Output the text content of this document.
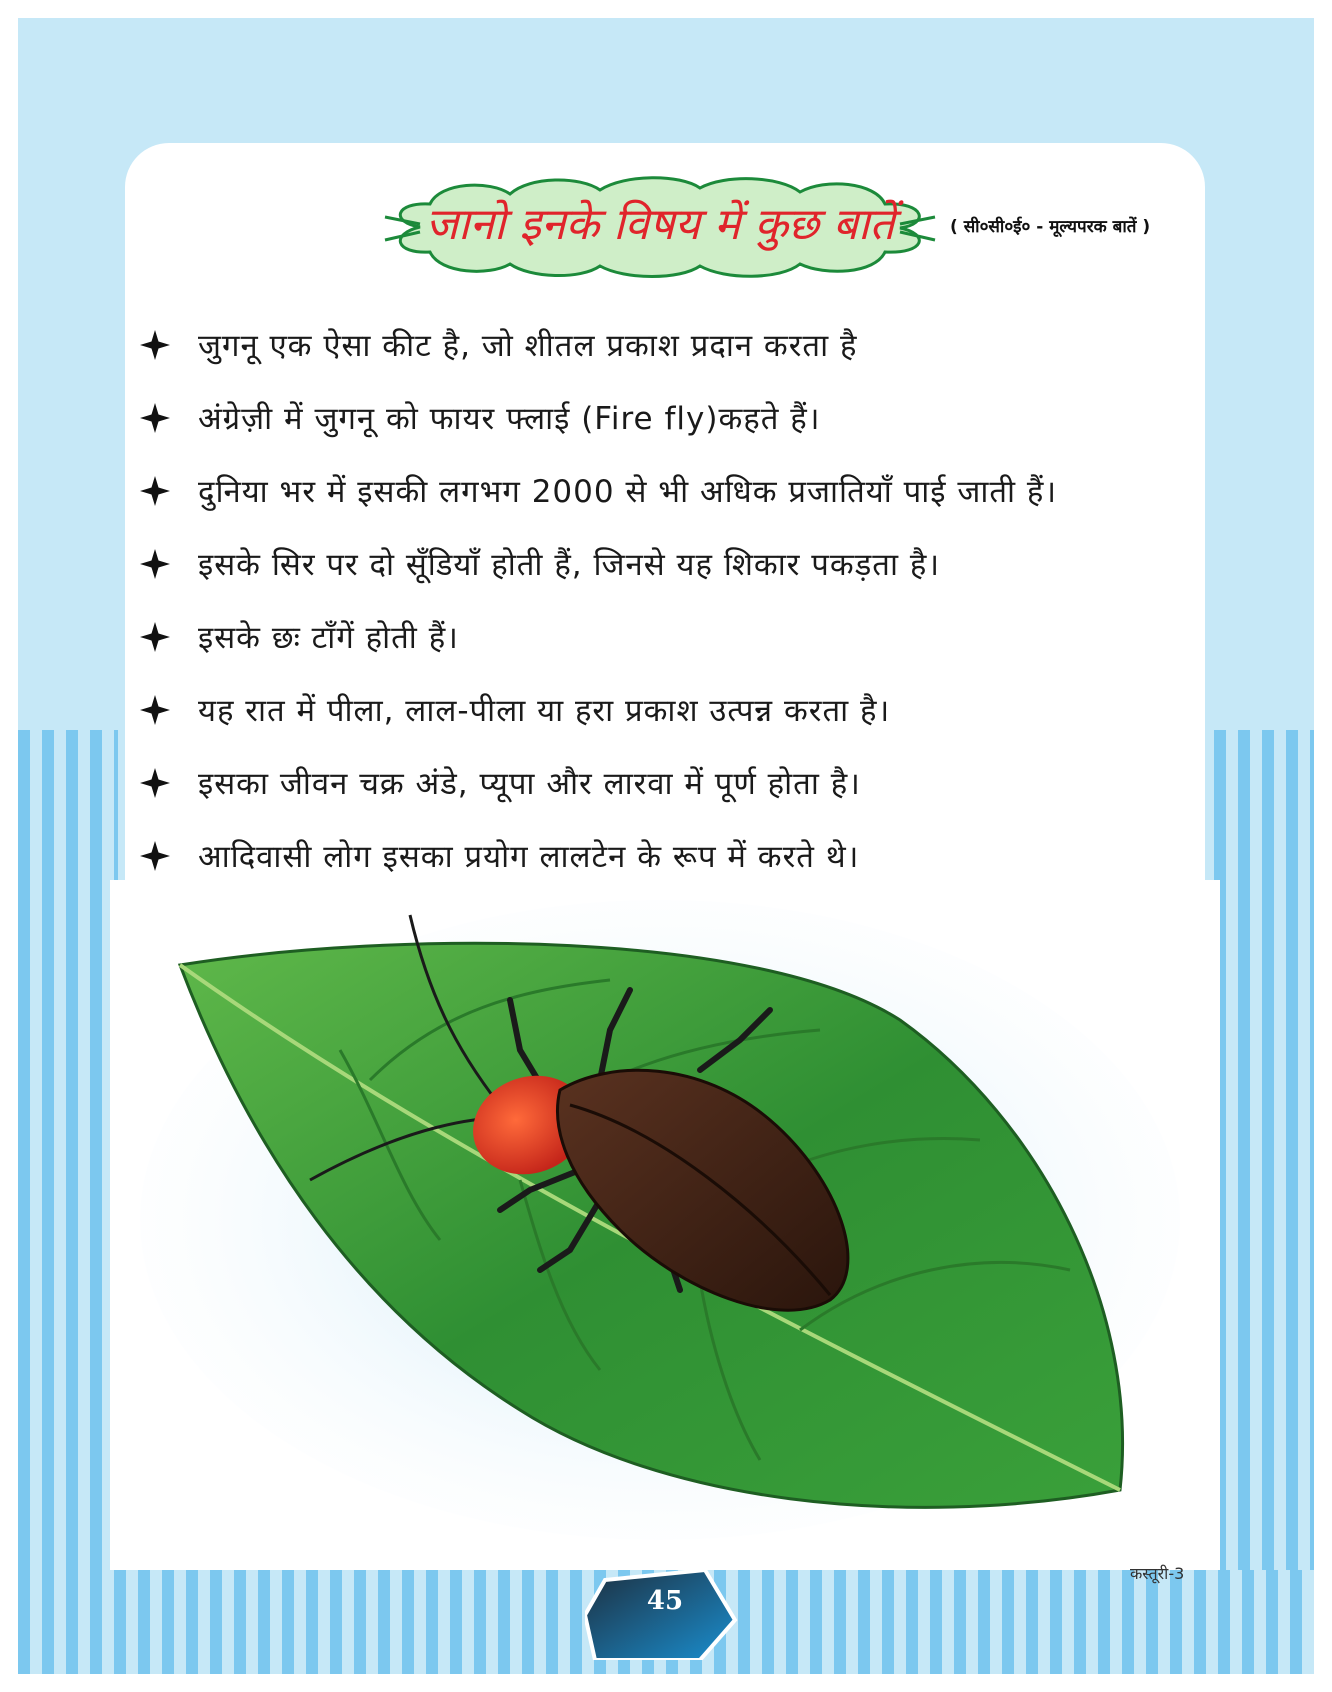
जानो इनके विषय में कुछ बातें	( सी०सी०ई० - मूल्यपरक बातें )
जुगनू एक ऐसा कीट है, जो शीतल प्रकाश प्रदान करता है
अंग्रेज़ी में जुगनू को फायर फ्लाई (Fire fly)कहते हैं।
दुनिया भर में इसकी लगभग 2000 से भी अधिक प्रजातियाँ पाई जाती हैं।
इसके सिर पर दो सूँडियाँ होती हैं, जिनसे यह शिकार पकड़ता है।
इसके छः टाँगें होती हैं।
यह रात में पीला, लाल-पीला या हरा प्रकाश उत्पन्न करता है।
इसका जीवन चक्र अंडे, प्यूपा और लारवा में पूर्ण होता है।
आदिवासी लोग इसका प्रयोग लालटेन के रूप में करते थे।
45
कस्तूरी-3
